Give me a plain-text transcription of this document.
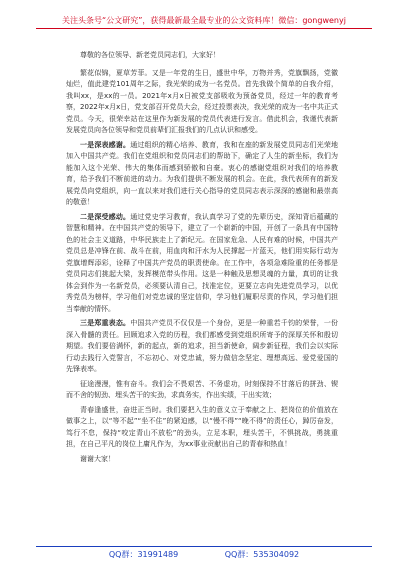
关注头条号“公文研究”，获得最新最全最专业的公文资料库！微信：gongwenyj

尊敬的各位领导、新老党员同志们，大家好！

繁花似锦，夏草芳菲。又是一年党的生日，盛世中华，万物并秀，党旗飘扬，党徽灿烂，值此建党101周年之际，我光荣的成为一名党员。首先我做个简单的自我介绍，我叫xx，是xx的一员。2021年x月x日被党支部吸收为预备党员，经过一年的教育考察，2022年x月x日，党支部召开党员大会，经过投票表决，我光荣的成为一名中共正式党员。今天，很荣幸站在这里作为新发展的党员代表进行发言。借此机会，我谨代表新发展党员向各位领导和党员前辈们汇报我们的几点认识和感受。

一是深表感谢。通过组织的精心培养、教育，我和在座的新发展党员同志们光荣地加入中国共产党。我们在党组织和党员同志们的帮助下，确定了人生的新坐标，我们为能加入这个光荣、伟大的集体而感到骄傲和自豪。衷心的感谢党组织对我们的培养教育，给予我们不断前进的动力。为我们提供不断发展的机会。在此，我代表所有的新发展党员向党组织，向一直以来对我们进行关心指导的党员同志表示深深的感谢和最崇高的敬意！

二是深受感动。通过党史学习教育，我认真学习了党的先辈历史，深知背后蕴藏的智慧和精神。在中国共产党的领导下，建立了一个崭新的中国，开创了一条具有中国特色的社会主义道路，中华民族走上了新纪元。在国家危急、人民有难的时候，中国共产党员总是冲锋在前、战斗在前，用血肉和汗水为人民撑起一片蓝天，他们用实际行动为党旗增辉添彩，诠释了中国共产党员的职责使命。在工作中，各项急难险重的任务都是党员同志们挑起大梁，发挥模范带头作用。这是一种触及思想灵魂的力量，真切的让我体会到作为一名新党员，必须要认清自己，找准定位，更要立志向先进党员学习，以优秀党员为榜样，学习他们对党忠诚的坚定信仰，学习他们履职尽责的作风，学习他们担当奉献的情怀。

三是郑重表态。中国共产党员不仅仅是一个身份，更是一种重若千钧的荣誉，一份深入骨髓的责任。回顾追求入党的历程，我们都感受到党组织所寄予的深厚关怀和殷切期望。我们要倍满怀，新的起点，新的追求，担当新使命，阔步新征程，我们会以实际行动去践行入党誓言，不忘初心、对党忠诚，努力做信念坚定、理想高远、爱党爱国的先锋表率。

征途漫漫，惟有奋斗。我们会不畏艰苦、不务虚功，时刻保持不甘落后的拼劲、锲而不舍的韧劲、埋头苦干的实劲，求真务实，作出实绩，干出实效；

青春逢盛世，奋进正当时。我们要把入生的意义立于奉献之上、把岗位的价值放在做事之上，以“等不起”“坐不住”的紧迫感，以“慢不得”“晚不得”的责任心，踔厉奋发，笃行不怠，保持“咬定青山不放松”的劲头，立足本职，埋头苦干，不惧挑战，勇挑重担，在自己平凡的岗位上庸凡作为，为xx事业贡献出自己的青春和热血！

谢谢大家！

QQ群：31991489	QQ群：535304092
